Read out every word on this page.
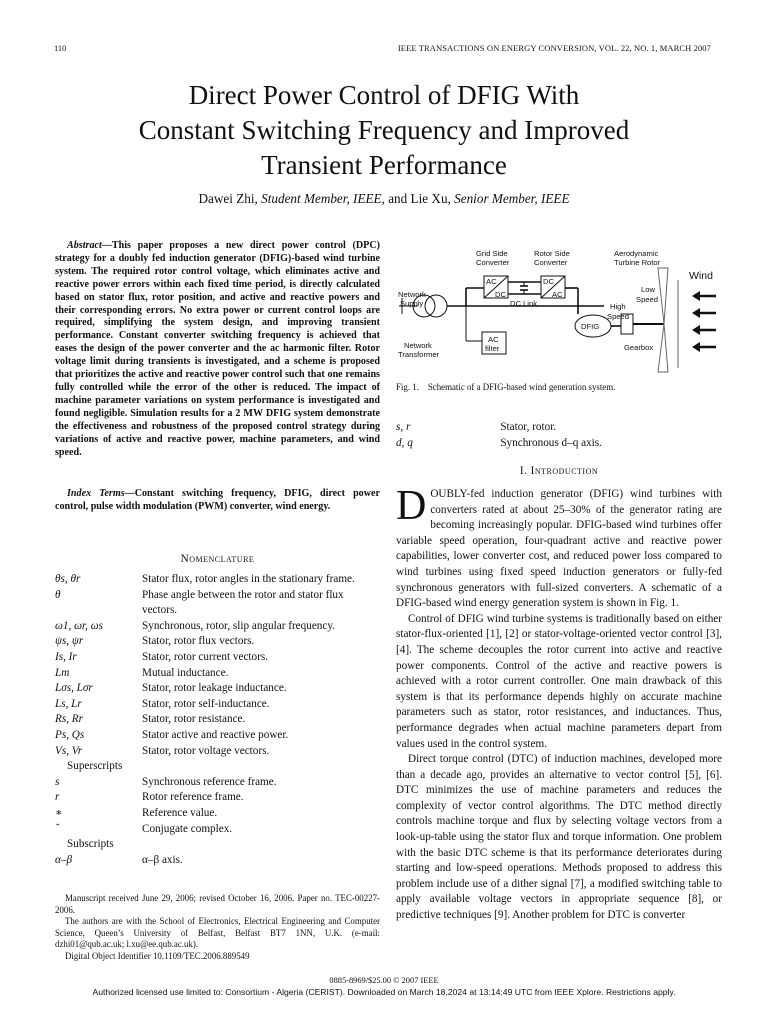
110	IEEE TRANSACTIONS ON ENERGY CONVERSION, VOL. 22, NO. 1, MARCH 2007
Direct Power Control of DFIG With
Constant Switching Frequency and Improved
Transient Performance
Dawei Zhi, Student Member, IEEE, and Lie Xu, Senior Member, IEEE
Abstract—This paper proposes a new direct power control (DPC) strategy for a doubly fed induction generator (DFIG)-based wind turbine system. The required rotor control voltage, which eliminates active and reactive power errors within each fixed time period, is directly calculated based on stator flux, rotor position, and active and reactive powers and their corresponding errors. No extra power or current control loops are required, simplifying the system design, and improving transient performance. Constant converter switching frequency is achieved that eases the design of the power converter and the ac harmonic filter. Rotor voltage limit during transients is investigated, and a scheme is proposed that prioritizes the active and reactive power control such that one remains fully controlled while the error of the other is reduced. The impact of machine parameter variations on system performance is investigated and found negligible. Simulation results for a 2 MW DFIG system demonstrate the effectiveness and robustness of the proposed control strategy during variations of active and reactive power, machine parameters, and wind speed.
Index Terms—Constant switching frequency, DFIG, direct power control, pulse width modulation (PWM) converter, wind energy.
Nomenclature
θs, θr	Stator flux, rotor angles in the stationary frame.
θ	Phase angle between the rotor and stator flux vectors.
ω1, ωr, ωs	Synchronous, rotor, slip angular frequency.
ψs, ψr	Stator, rotor flux vectors.
Is, Ir	Stator, rotor current vectors.
Lm	Mutual inductance.
Lσs, Lσr	Stator, rotor leakage inductance.
Ls, Lr	Stator, rotor self-inductance.
Rs, Rr	Stator, rotor resistance.
Ps, Qs	Stator active and reactive power.
Vs, Vr	Stator, rotor voltage vectors.
Superscripts
s	Synchronous reference frame.
r	Rotor reference frame.
∗	Reference value.
ˆ	Conjugate complex.
Subscripts
α–β	α–β axis.
Manuscript received June 29, 2006; revised October 16, 2006. Paper no. TEC-00227-2006.
The authors are with the School of Electronics, Electrical Engineering and Computer Science, Queen’s University of Belfast, Belfast BT7 1NN, U.K. (e-mail: dzhi01@qub.ac.uk; l.xu@ee.qub.ac.uk).
Digital Object Identifier 10.1109/TEC.2006.889549
Grid Side
Converter
Rotor Side
Converter
Aerodynamic
Turbine Rotor
Wind
Network
Supply
AC
DC
DC
AC
DC Link
Low
Speed
High
Speed
DFIG
Network
Transformer
AC
filter	Gearbox
Fig. 1. Schematic of a DFIG-based wind generation system.
s, r	Stator, rotor.
d, q	Synchronous d–q axis.
I. Introduction

DOUBLY-fed induction generator (DFIG) wind turbines with converters rated at about 25–30% of the generator rating are becoming increasingly popular. DFIG-based wind turbines offer variable speed operation, four-quadrant active and reactive power capabilities, lower converter cost, and reduced power loss compared to wind turbines using fixed speed induction generators or fully-fed synchronous generators with full-sized converters. A schematic of a DFIG-based wind energy generation system is shown in Fig. 1.

Control of DFIG wind turbine systems is traditionally based on either stator-flux-oriented [1], [2] or stator-voltage-oriented vector control [3], [4]. The scheme decouples the rotor current into active and reactive power components. Control of the active and reactive powers is achieved with a rotor current controller. One main drawback of this system is that its performance depends highly on accurate machine parameters such as stator, rotor resistances, and inductances. Thus, performance degrades when actual machine parameters depart from values used in the control system.

Direct torque control (DTC) of induction machines, developed more than a decade ago, provides an alternative to vector control [5], [6]. DTC minimizes the use of machine parameters and reduces the complexity of vector control algorithms. The DTC method directly controls machine torque and flux by selecting voltage vectors from a look-up-table using the stator flux and torque information. One problem with the basic DTC scheme is that its performance deteriorates during starting and low-speed operations. Methods proposed to address this problem include use of a dither signal [7], a modified switching table to apply available voltage vectors in appropriate sequence [8], or predictive techniques [9]. Another problem for DTC is converter

0885-8969/$25.00 © 2007 IEEE
Authorized licensed use limited to: Consortium - Algeria (CERIST). Downloaded on March 18,2024 at 13:14:49 UTC from IEEE Xplore. Restrictions apply.
